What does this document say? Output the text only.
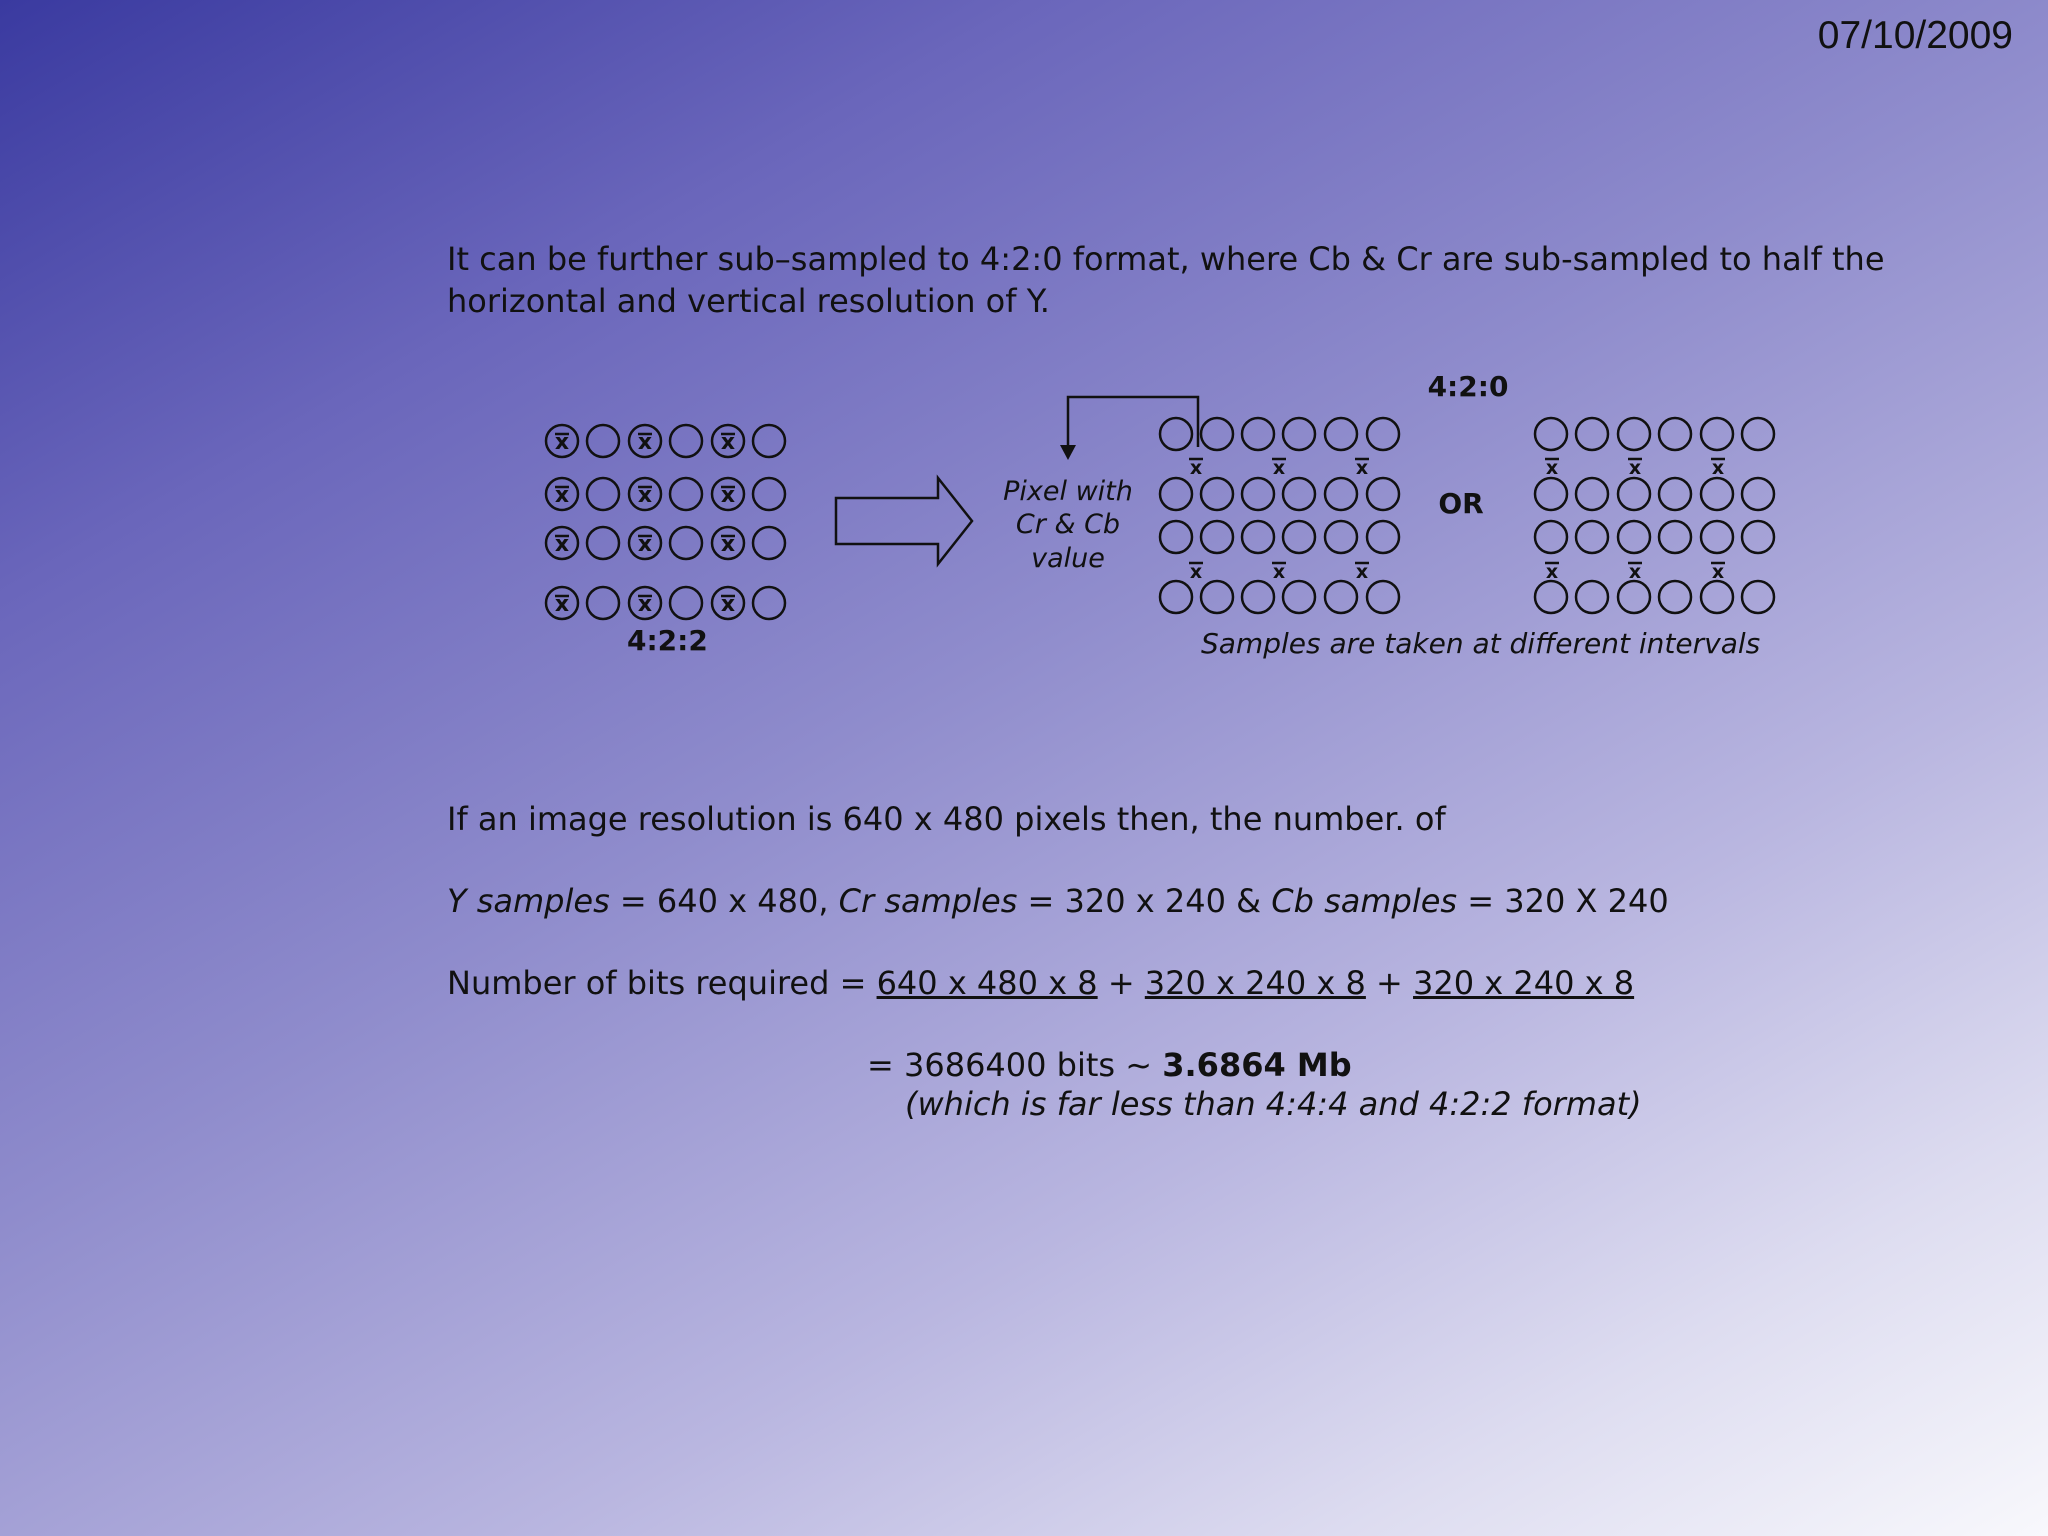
07/10/2009
It can be further sub–sampled to 4:2:0 format, where Cb & Cr are sub-sampled to half the horizontal and vertical resolution of Y.
x	x	x
x	x	x
x	x	x
x	x	x
4:2:2
Pixel with
Cr & Cb
value
4:2:0
OR
x	x	x
x	x	x
x	x	x
x	x	x
Samples are taken at different intervals
If an image resolution is 640 x 480 pixels then, the number. of
Y samples = 640 x 480, Cr samples = 320 x 240 & Cb samples = 320 X 240
Number of bits required = 640 x 480 x 8 + 320 x 240 x 8 + 320 x 240 x 8
= 3686400 bits ~ 3.6864 Mb
(which is far less than 4:4:4 and 4:2:2 format)
